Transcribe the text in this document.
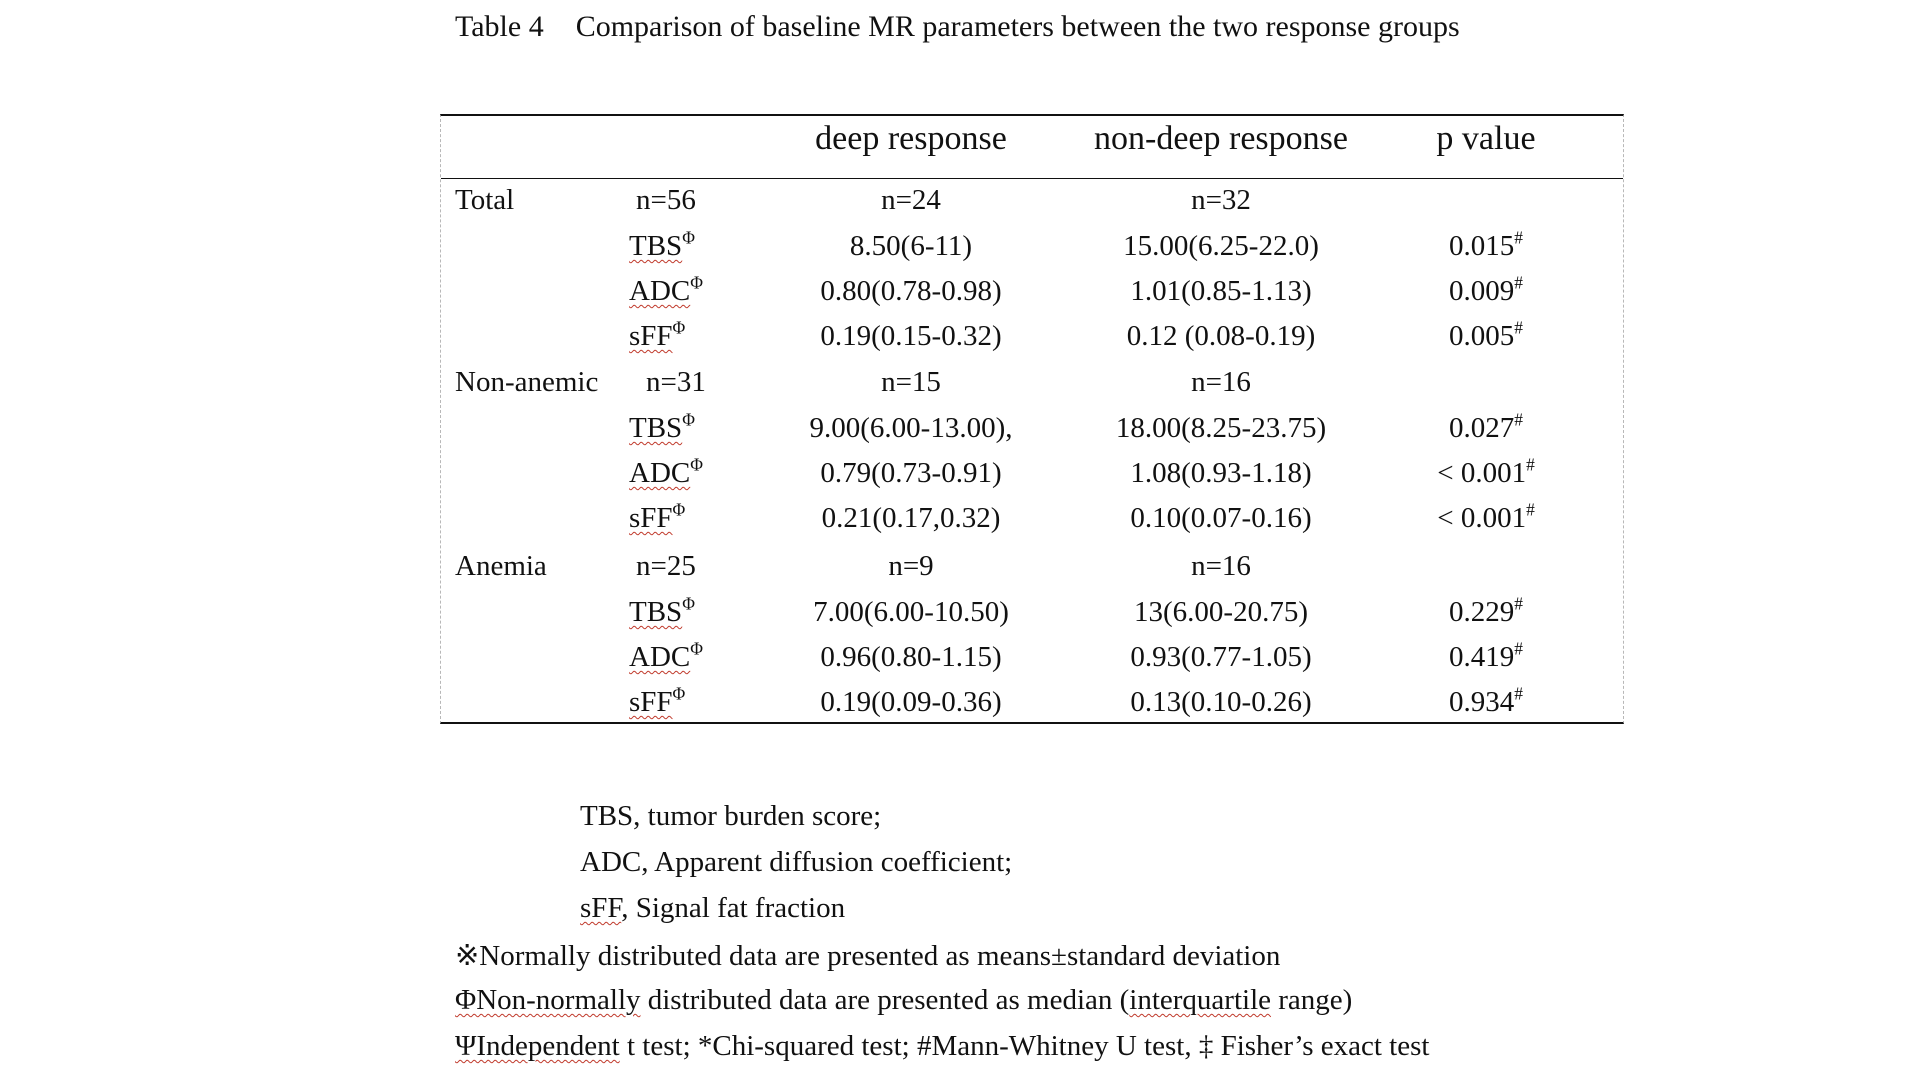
Table 4 Comparison of baseline MR parameters between the two response groups
deep response	non-deep response	p value
Total	n=56	n=24	n=32
$TBS^\Phi$	8.50(6-11)	15.00(6.25-22.0)	0.015#
$ADC^\Phi$	0.80(0.78-0.98)	1.01(0.85-1.13)	0.009#
sFF$^\Phi$	0.19(0.15-0.32)	0.12 (0.08-0.19)	0.005#
Non-anemic n=31	n=15	n=16
$TBS^\Phi$	9.00(6.00-13.00),	18.00(8.25-23.75)	0.027#
$ADC^\Phi$	0.79(0.73-0.91)	1.08(0.93-1.18)	< 0.001#
sFF$^\Phi$	0.21(0.17,0.32)	0.10(0.07-0.16)	< 0.001#
Anemia	n=25	n=9	n=16
$TBS^\Phi$	7.00(6.00-10.50)	13(6.00-20.75)	0.229#
$ADC^\Phi$	0.96(0.80-1.15)	0.93(0.77-1.05)	0.419#
sFF$^\Phi$	0.19(0.09-0.36)	0.13(0.10-0.26)	0.934#
TBS, tumor burden score;
ADC, Apparent diffusion coefficient;
sFF, Signal fat fraction
※Normally distributed data are presented as means±standard deviation
ΦNon-normally distributed data are presented as median (interquartile range)
ΨIndependent t test; *Chi-squared test; #Mann-Whitney U test, ‡ Fisher’s exact test
